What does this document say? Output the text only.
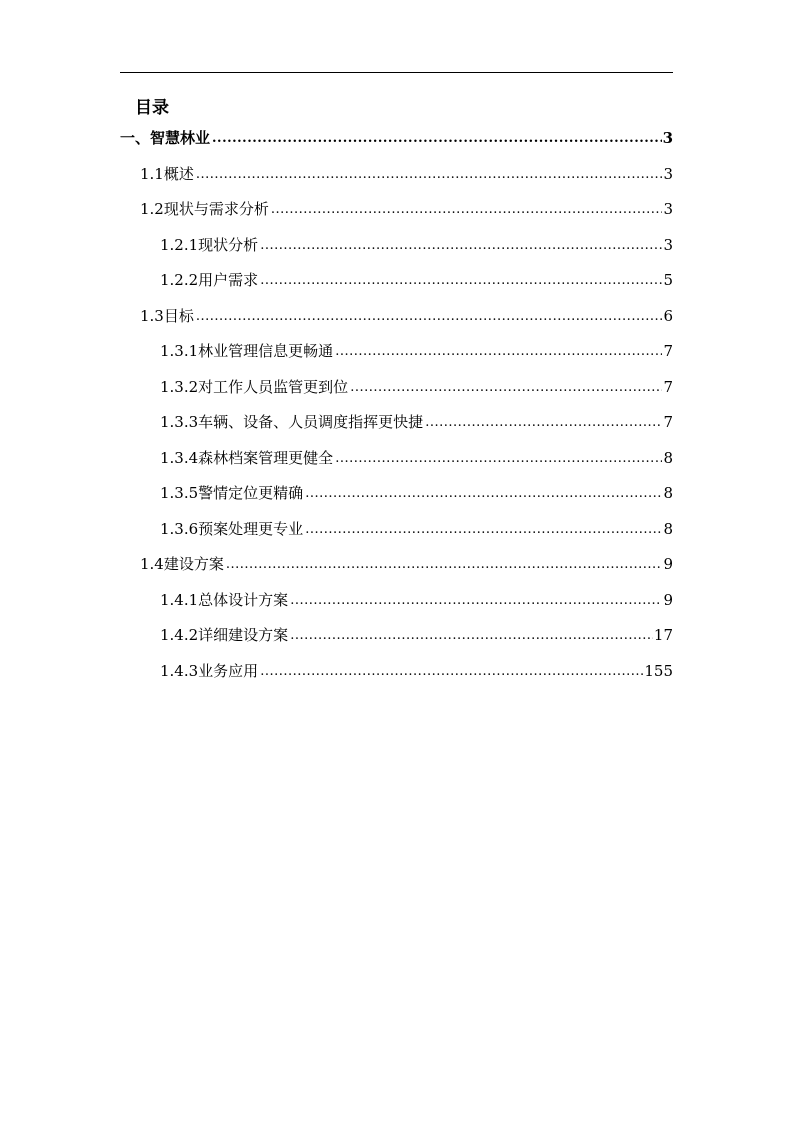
目录
一、 智慧林业 .....	3
1.1 概述 .....	3
1.2 现状与需求分析 .....	3
1.2.1 现状分析 .....	3
1.2.2 用户需求 .....	5
1.3 目标 .....	6
1.3.1 林业管理信息更畅通 .....	7
1.3.2 对工作人员监管更到位 .....	7
1.3.3 车辆、设备、人员调度指挥更快捷 .....	7
1.3.4 森林档案管理更健全 .....	8
1.3.5 警情定位更精确 .....	8
1.3.6 预案处理更专业 .....	8
1.4 建设方案 .....	9
1.4.1 总体设计方案 .....	9
1.4.2 详细建设方案 .....	17
1.4.3 业务应用 .....	155
